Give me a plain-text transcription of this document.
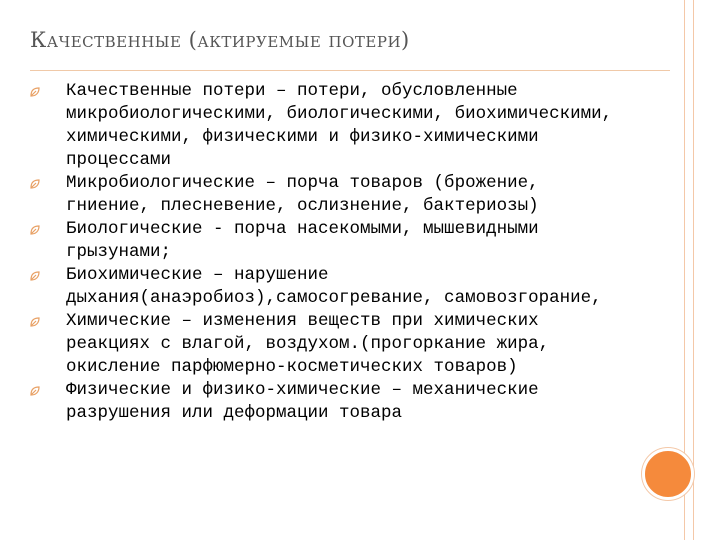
Качественные (актируемые потери)
Качественные потери – потери, обусловленные микробиологическими, биологическими, биохимическими, химическими, физическими и физико-химическими процессами
Микробиологические – порча товаров (брожение, гниение, плесневение, ослизнение, бактериозы)
Биологические - порча насекомыми, мышевидными грызунами;
Биохимические – нарушение дыхания(анаэробиоз),самосогревание, самовозгорание,
Химические – изменения веществ при химических реакциях с влагой, воздухом.(прогоркание жира, окисление парфюмерно-косметических товаров)
Физические и физико-химические – механические разрушения или деформации товара
